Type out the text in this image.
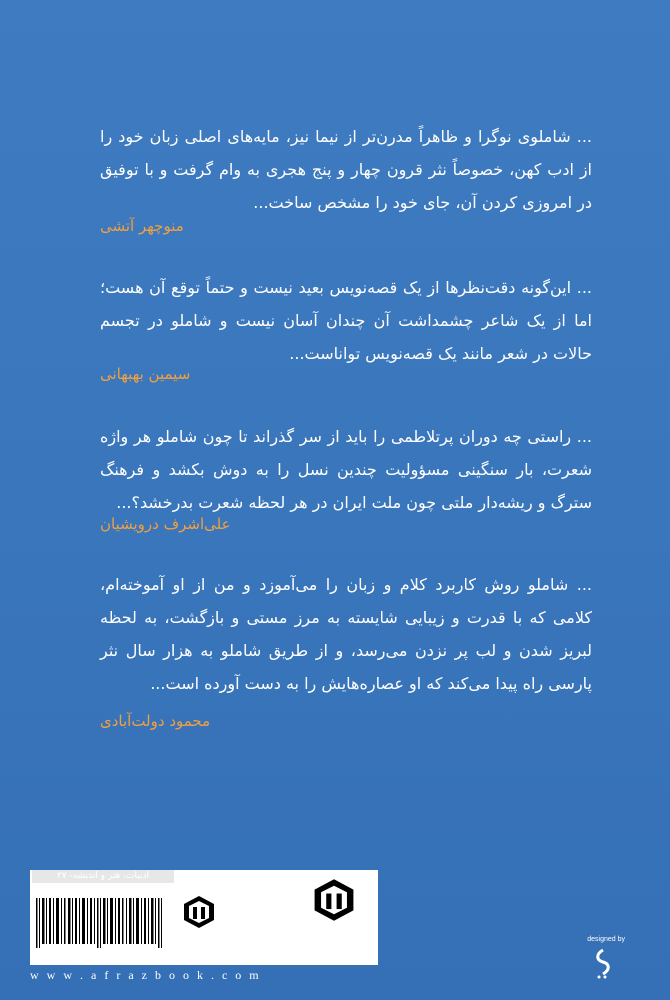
... شاملوی نوگرا و ظاهراً مدرن‌تر از نیما نیز، مایه‌های اصلی زبان خود را از ادب کهن، خصوصاً نثر قرون چهار و پنج هجری به وام گرفت و با توفیق در امروزی کردن آن، جای خود را مشخص ساخت...
منوچهر آتشی
... این‌گونه دقت‌نظرها از یک قصه‌نویس بعید نیست و حتماً توقع آن هست؛ اما از یک شاعر چشمداشت آن چندان آسان نیست و شاملو در تجسم حالات در شعر مانند یک قصه‌نویس تواناست...
سیمین بهبهانی
... راستی چه دوران پرتلاطمی را باید از سر گذراند تا چون شاملو هر واژه شعرت، بار سنگینی مسؤولیت چندین نسل را به دوش بکشد و فرهنگ سترگ و ریشه‌دار ملتی چون ملت ایران در هر لحظه شعرت بدرخشد؟...
علی‌اشرف درویشیان
... شاملو روش کاربرد کلام و زبان را می‌آموزد و من از او آموخته‌ام، کلامی که با قدرت و زیبایی شایسته به مرز مستی و بازگشت، به لحظه لبریز شدن و لب پر نزدن می‌رسد، و از طریق شاملو به هزار سال نثر پارسی راه پیدا می‌کند که او عصاره‌هایش را به دست آورده است...
محمود دولت‌آبادی
ادبیات، هنر و اندیشه- ۲۷
ISBN:978-964-243-010-9
9 789642 430109
افراز
۱۵۰۰۰
تومان
افراز
afrazbook.com
w w w . a f r a z b o o k . c o m
designed by
